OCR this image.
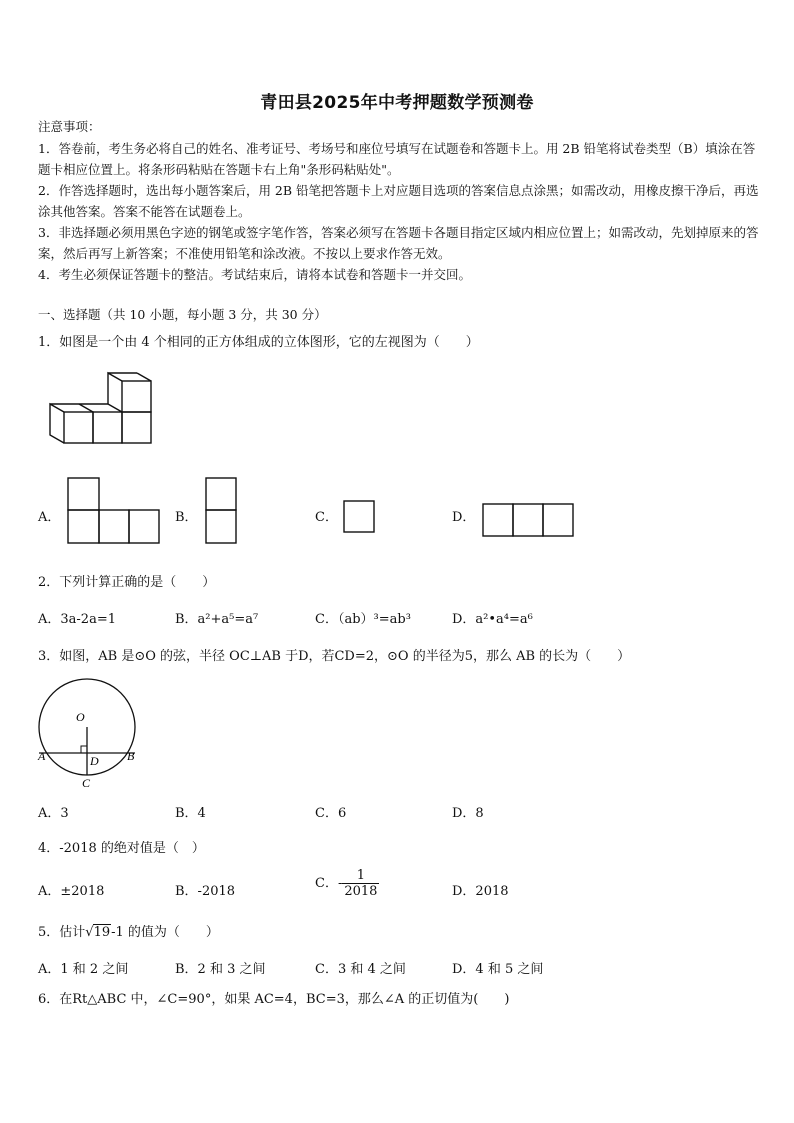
青田县2025年中考押题数学预测卷
注意事项：
1．答卷前，考生务必将自己的姓名、准考证号、考场号和座位号填写在试题卷和答题卡上。用 2B 铅笔将试卷类型（B）填涂在答题卡相应位置上。将条形码粘贴在答题卡右上角"条形码粘贴处"。
2．作答选择题时，选出每小题答案后，用 2B 铅笔把答题卡上对应题目选项的答案信息点涂黑；如需改动，用橡皮擦干净后，再选涂其他答案。答案不能答在试题卷上。
3．非选择题必须用黑色字迹的钢笔或签字笔作答，答案必须写在答题卡各题目指定区域内相应位置上；如需改动，先划掉原来的答案，然后再写上新答案；不准使用铅笔和涂改液。不按以上要求作答无效。
4．考生必须保证答题卡的整洁。考试结束后，请将本试卷和答题卡一并交回。
一、选择题（共 10 小题，每小题 3 分，共 30 分）
1．如图是一个由 4 个相同的正方体组成的立体图形，它的左视图为（　　）
A．	B．	C．	D．
2．下列计算正确的是（　　）
A．3a-2a=1	B．a²+a⁵=a⁷	C．（ab）³=ab³	D．a²•a⁴=a⁶
3．如图，AB 是⊙O 的弦，半径 OC⊥AB 于D，若CD=2，⊙O 的半径为5，那么 AB 的长为（　　）
O
A	B
D
C
A．3	B．4	C．6	D．8
4．-2018 的绝对值是（　）
A．±2018	B．-2018
C．- $\frac{1}{2018}$	D．2018
5．估计√19-1 的值为（　　）
A．1 和 2 之间	B．2 和 3 之间	C．3 和 4 之间	D．4 和 5 之间
6．在Rt△ABC 中，∠C=90°，如果 AC=4，BC=3，那么∠A 的正切值为(　　)
